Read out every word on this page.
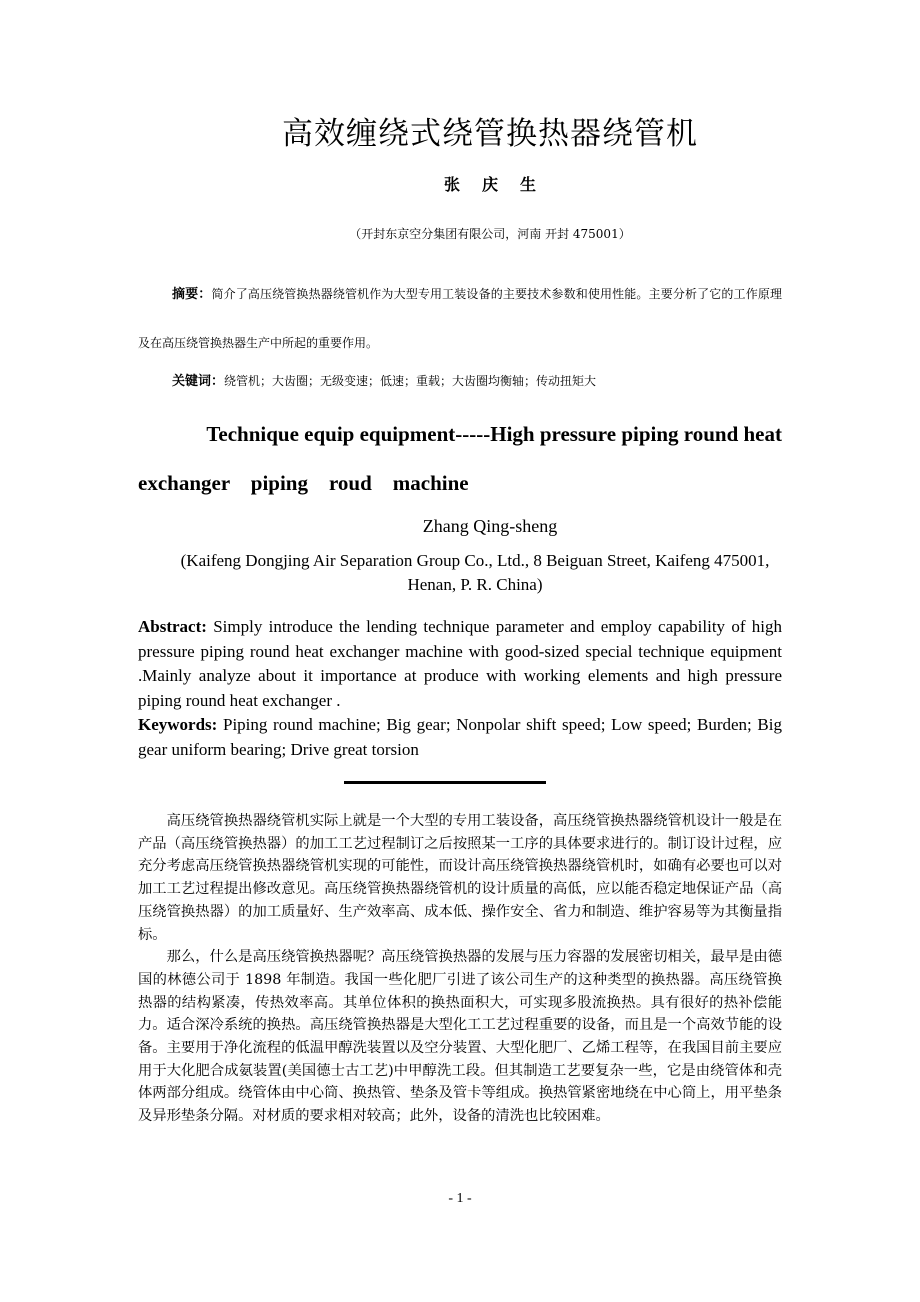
高效缠绕式绕管换热器绕管机
张 庆 生
（开封东京空分集团有限公司，河南 开封 475001）
摘要：简介了高压绕管换热器绕管机作为大型专用工装设备的主要技术参数和使用性能。主要分析了它的工作原理及在高压绕管换热器生产中所起的重要作用。
关键词：绕管机；大齿圈；无级变速；低速；重载；大齿圈均衡轴；传动扭矩大
Technique equip equipment-----High pressure piping round heat
exchanger    piping    roud    machine
Zhang Qing-sheng
(Kaifeng Dongjing Air Separation Group Co., Ltd., 8 Beiguan Street, Kaifeng 475001, Henan, P. R. China)

Abstract: Simply introduce the lending technique parameter and employ capability of high pressure piping round heat exchanger machine with good-sized special technique equipment .Mainly analyze about it importance at produce with working elements and high pressure piping round heat exchanger .

Keywords: Piping round machine; Big gear; Nonpolar shift speed; Low speed; Burden; Big gear uniform bearing; Drive great torsion

高压绕管换热器绕管机实际上就是一个大型的专用工装设备，高压绕管换热器绕管机设计一般是在产品（高压绕管换热器）的加工工艺过程制订之后按照某一工序的具体要求进行的。制订设计过程，应充分考虑高压绕管换热器绕管机实现的可能性，而设计高压绕管换热器绕管机时，如确有必要也可以对加工工艺过程提出修改意见。高压绕管换热器绕管机的设计质量的高低，应以能否稳定地保证产品（高压绕管换热器）的加工质量好、生产效率高、成本低、操作安全、省力和制造、维护容易等为其衡量指标。

那么，什么是高压绕管换热器呢？高压绕管换热器的发展与压力容器的发展密切相关，最早是由德国的林德公司于 1898 年制造。我国一些化肥厂引进了该公司生产的这种类型的换热器。高压绕管换热器的结构紧凑，传热效率高。其单位体积的换热面积大，可实现多股流换热。具有很好的热补偿能力。适合深冷系统的换热。高压绕管换热器是大型化工工艺过程重要的设备，而且是一个高效节能的设备。主要用于净化流程的低温甲醇洗装置以及空分装置、大型化肥厂、乙烯工程等，在我国目前主要应用于大化肥合成氨装置(美国德士古工艺)中甲醇洗工段。但其制造工艺要复杂一些，它是由绕管体和壳体两部分组成。绕管体由中心筒、换热管、垫条及管卡等组成。换热管紧密地绕在中心筒上，用平垫条及异形垫条分隔。对材质的要求相对较高；此外，设备的清洗也比较困难。

- 1 -
